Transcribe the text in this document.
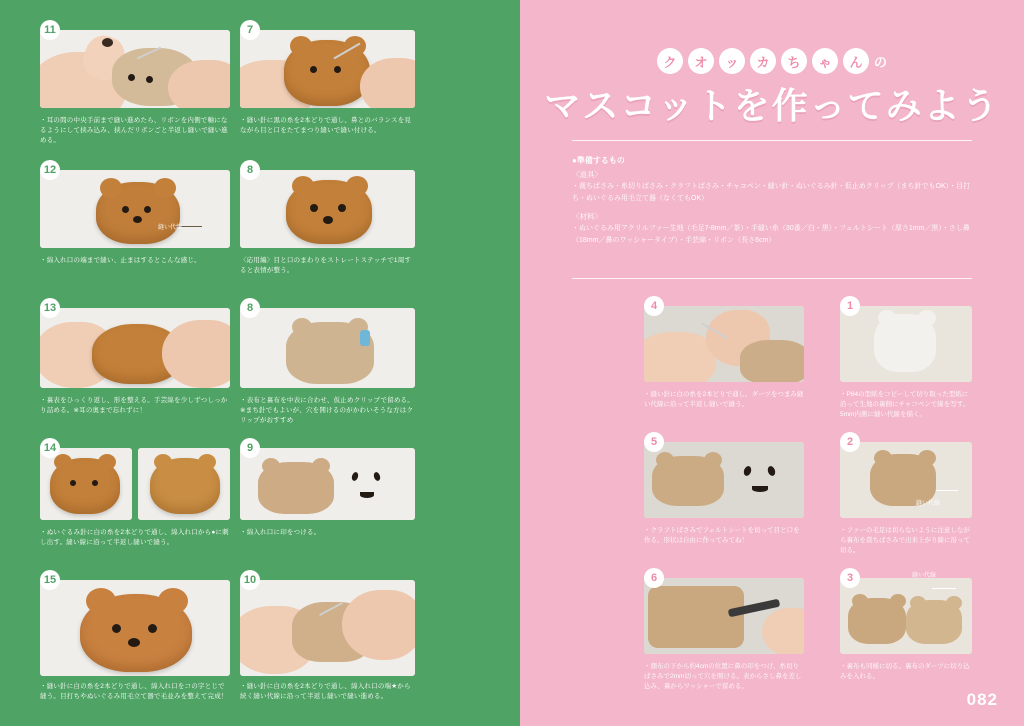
11
・耳の間の中央手前まで縫い進めたら、リボンを内側で軸になるようにして挟み込み、挟んだリボンごと半返し縫いで縫い進める。
7
・縫い針に黒の糸を2本どりで通し、鼻とのバランスを見ながら目と口をたてまつり縫いで縫い付ける。
12
縫い代線
・綿入れ口の端まで縫い、止まはするとこんな感じ。
8
〈応用編〉目と口のまわりをストレートステッチで1周すると表情が整う。
13
・裏表をひっくり返し、形を整える。手芸綿を少しずつしっかり詰める。※耳の奥まで忘れずに！
8
・表布と裏布を中表に合わせ、仮止めクリップで留める。※まち針でもよいが、穴を開けるのがかわいそうな方はクリップがおすすめ
14
・ぬいぐるみ針に白の糸を2本どりで通し、綿入れ口から●に刺し出す。縫い線に沿って半返し縫いで縫う。
9
・綿入れ口に印をつける。
15
・縫い針に白の糸を2本どりで通し、綿入れ口をコの字とじで縫う。目打ちやぬいぐるみ用毛立て器で毛並みを整えて完成！
10
・縫い針に白の糸を2本どりで通し、綿入れ口の端★から続く縫い代線に沿って半返し縫いで縫い進める。
ク	オ	ッ	カ	ち	ゃ	ん の
マスコットを作ってみよう
●準備するもの
〈道具〉
・裁ちばさみ・糸切りばさみ・クラフトばさみ・チャコペン・縫い針・ぬいぐるみ針・仮止めクリップ（まち針でもOK）・目打ち・ぬいぐるみ用毛立て器（なくてもOK）
〈材料〉
・ぬいぐるみ用アクリルファー生地（毛足7-8mm／茶）・手縫い糸（30番／白・黒）・フェルトシート（厚さ1mm／黒）・さし鼻（18mm／鼻のワッシャータイプ）・手芸綿・リボン（長さ6cm）
4
・縫い針に白の糸を2本どりで通し、ダーツをつまみ縫い代線に沿って半返し縫いで縫う。
1
・P84の型紙をコピーして切り取った型紙に沿って生地の裏側にチャコペンで線を写す。5mm内側に縫い代線を描く。
5
・クラフトばさみでフェルトシートを切って目と口を作る。形状は自由に作ってみてね！
2
縫い代線
・ファーの毛足は切らないように注意しながら裏布を裁ちばさみで出来上がり線に沿って切る。
6
・顔布の下から約4cmの位置に鼻の印をつけ、糸切りばさみで2mm切って穴を開ける。表からさし鼻を差し込み、裏からワッシャーで留める。
3	縫い代線
・裏布も同様に切る。裏布のダーツに切り込みを入れる。
082
